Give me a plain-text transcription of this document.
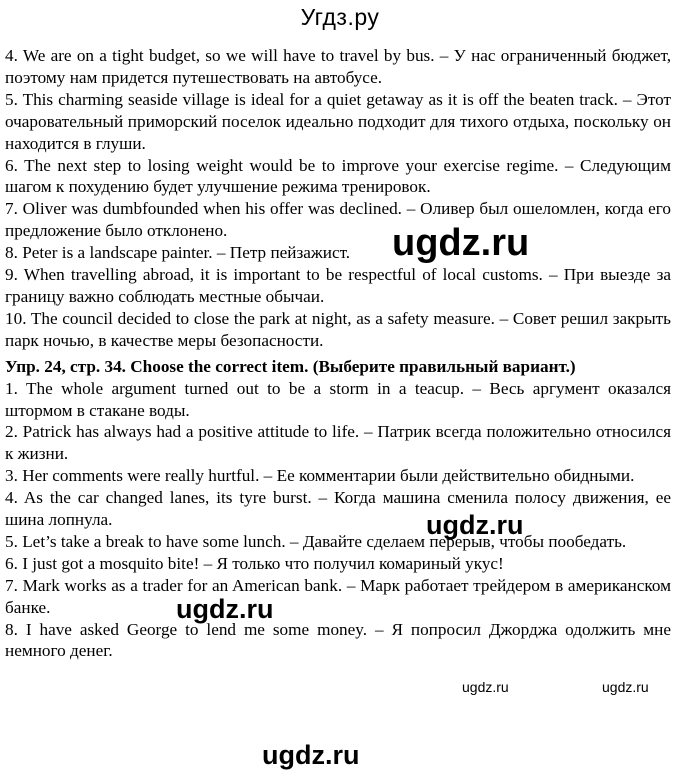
Угдз.ру

4. We are on a tight budget, so we will have to travel by bus. – У нас ограниченный бюджет, поэтому нам придется путешествовать на автобусе.

5. This charming seaside village is ideal for a quiet getaway as it is off the beaten track. – Этот очаровательный приморский поселок идеально подходит для тихого отдыха, поскольку он находится в глуши.

6. The next step to losing weight would be to improve your exercise regime. – Следующим шагом к похудению будет улучшение режима тренировок.

7. Oliver was dumbfounded when his offer was declined. – Оливер был ошеломлен, когда его предложение было отклонено.

8. Peter is a landscape painter. – Петр пейзажист.

9. When travelling abroad, it is important to be respectful of local customs. – При выезде за границу важно соблюдать местные обычаи.

10. The council decided to close the park at night, as a safety measure. – Совет решил закрыть парк ночью, в качестве меры безопасности.

Упр. 24, стр. 34. Choose the correct item. (Выберите правильный вариант.)

1. The whole argument turned out to be a storm in a teacup. – Весь аргумент оказался штормом в стакане воды.

2. Patrick has always had a positive attitude to life. – Патрик всегда положительно относился к жизни.

3. Her comments were really hurtful. – Ее комментарии были действительно обидными.

4. As the car changed lanes, its tyre burst. – Когда машина сменила полосу движения, ее шина лопнула.

5. Let’s take a break to have some lunch. – Давайте сделаем перерыв, чтобы пообедать.

6. I just got a mosquito bite! – Я только что получил комариный укус!

7. Mark works as a trader for an American bank. – Марк работает трейдером в американском банке.

8. I have asked George to lend me some money. – Я попросил Джорджа одолжить мне немного денег.

ugdz.ru
ugdz.ru
ugdz.ru
ugdz.ru	ugdz.ru
ugdz.ru
